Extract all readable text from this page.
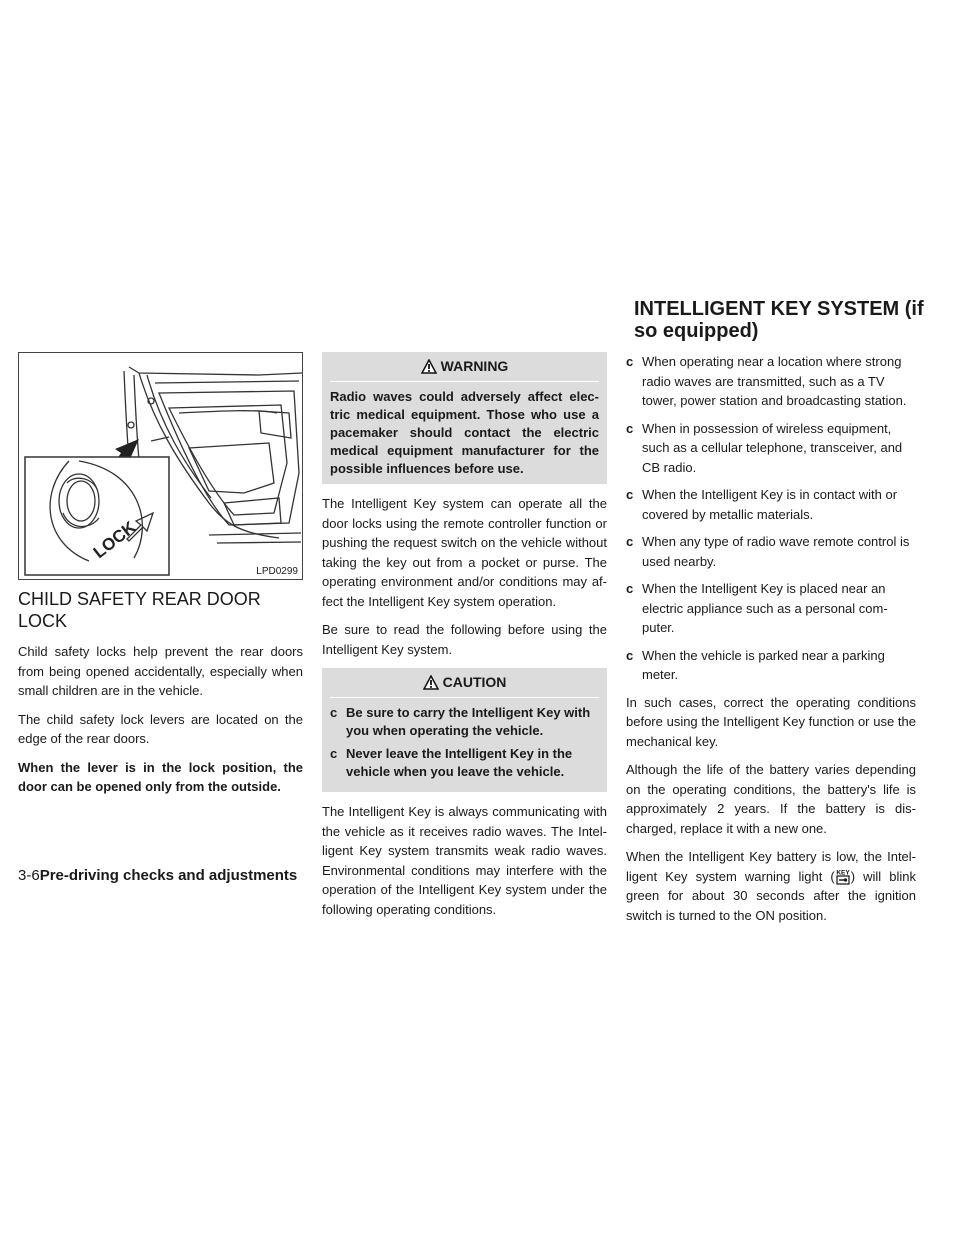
INTELLIGENT KEY SYSTEM (if so equipped)
LOCK
LPD0299
CHILD SAFETY REAR DOOR LOCK

Child safety locks help prevent the rear doors from being opened accidentally, especially when small children are in the vehicle.

The child safety lock levers are located on the edge of the rear doors.

When the lever is in the lock position, the door can be opened only from the outside.

WARNING
Radio waves could adversely affect elec-tric medical equipment. Those who use a pacemaker should contact the electric medical equipment manufacturer for the possible influences before use.

The Intelligent Key system can operate all the door locks using the remote controller function or pushing the request switch on the vehicle without taking the key out from a pocket or purse. The operating environment and/or conditions may af-fect the Intelligent Key system operation.

Be sure to read the following before using the Intelligent Key system.

CAUTION
c Be sure to carry the Intelligent Key with you when operating the vehicle.
c Never leave the Intelligent Key in the vehicle when you leave the vehicle.

The Intelligent Key is always communicating with the vehicle as it receives radio waves. The Intel-ligent Key system transmits weak radio waves. Environmental conditions may interfere with the operation of the Intelligent Key system under the following operating conditions.

c When operating near a location where strong radio waves are transmitted, such as a TV tower, power station and broadcasting station.
c When in possession of wireless equipment, such as a cellular telephone, transceiver, and CB radio.
c When the Intelligent Key is in contact with or covered by metallic materials.
c When any type of radio wave remote control is used nearby.
c When the Intelligent Key is placed near an electric appliance such as a personal com-puter.
c When the vehicle is parked near a parking meter.

In such cases, correct the operating conditions before using the Intelligent Key function or use the mechanical key.

Although the life of the battery varies depending on the operating conditions, the battery's life is approximately 2 years. If the battery is dis-charged, replace it with a new one.

When the Intelligent Key battery is low, the Intel-ligent Key system warning light ( KEY ) will blink green for about 30 seconds after the ignition switch is turned to the ON position.

3-6Pre-driving checks and adjustments
